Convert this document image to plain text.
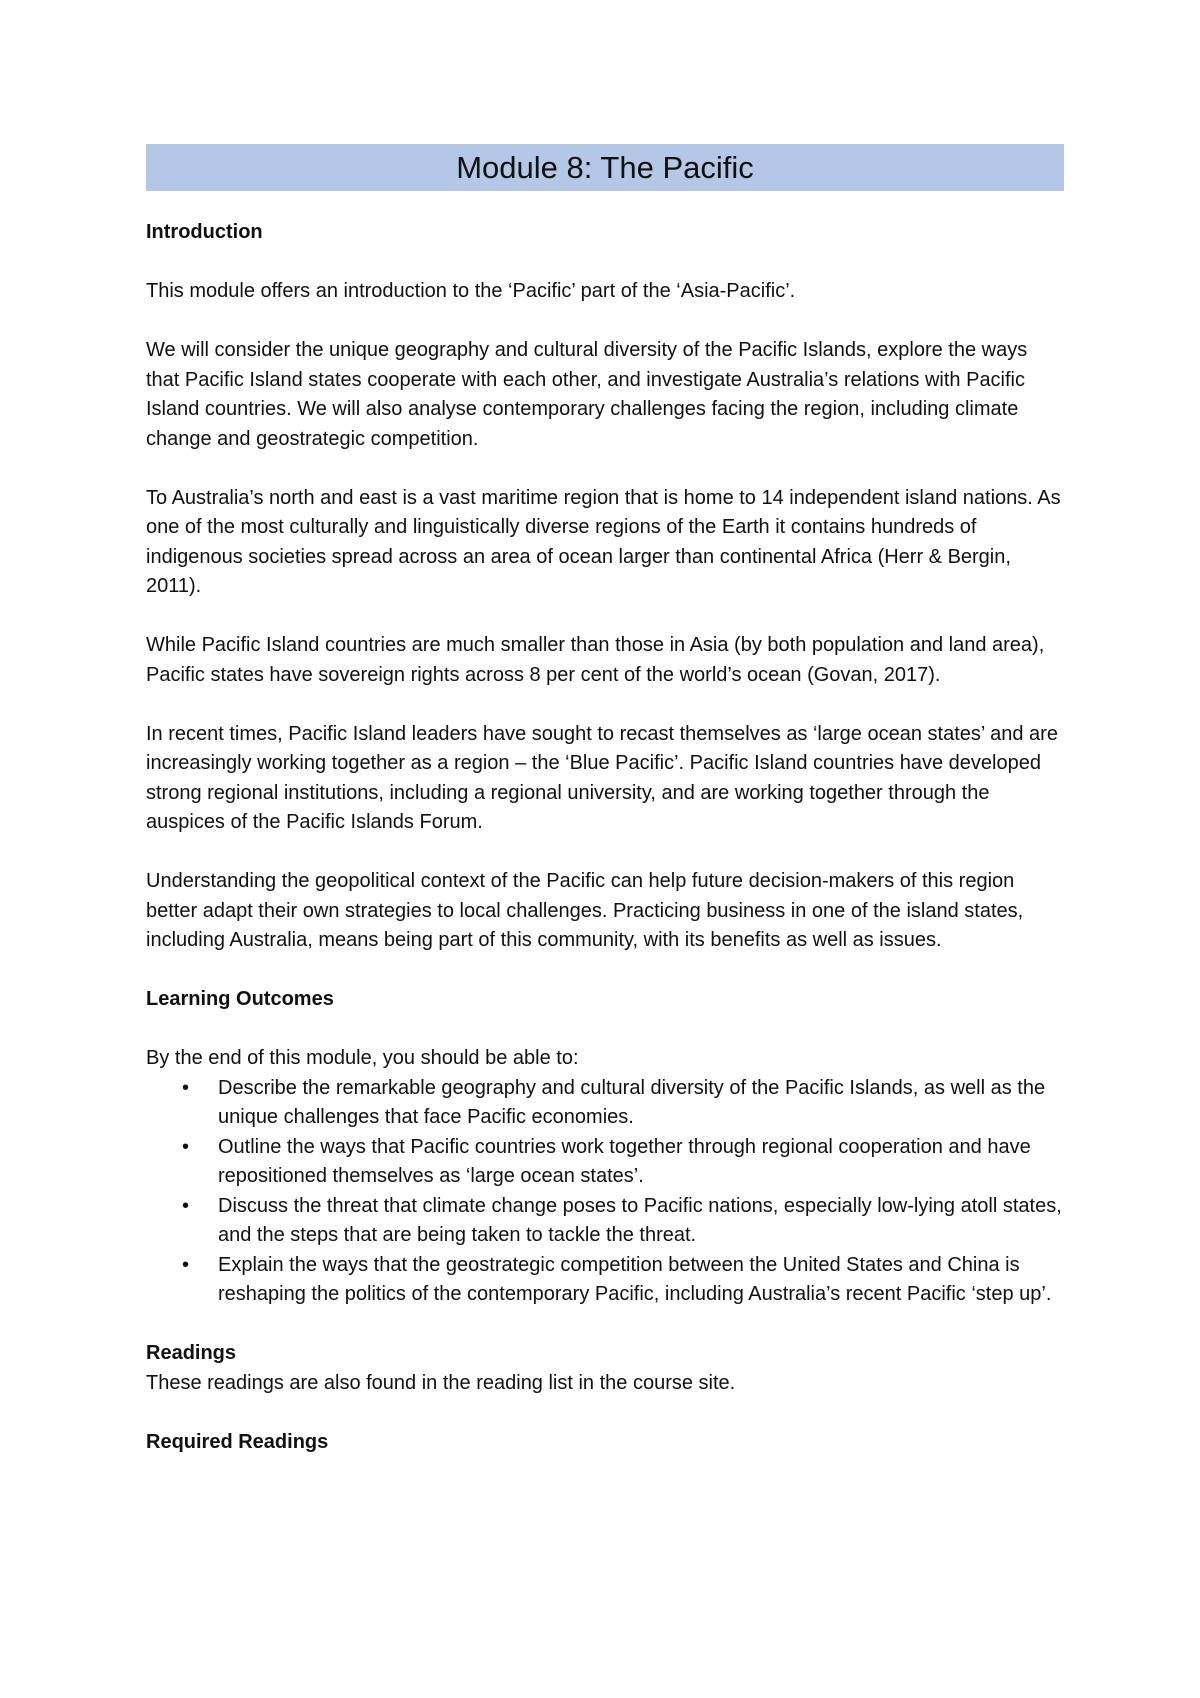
Module 8: The Pacific
Introduction

This module offers an introduction to the ‘Pacific’ part of the ‘Asia-Pacific’.

We will consider the unique geography and cultural diversity of the Pacific Islands, explore the ways that Pacific Island states cooperate with each other, and investigate Australia’s relations with Pacific Island countries. We will also analyse contemporary challenges facing the region, including climate change and geostrategic competition.

To Australia’s north and east is a vast maritime region that is home to 14 independent island nations. As one of the most culturally and linguistically diverse regions of the Earth it contains hundreds of indigenous societies spread across an area of ocean larger than continental Africa (Herr & Bergin, 2011).

While Pacific Island countries are much smaller than those in Asia (by both population and land area), Pacific states have sovereign rights across 8 per cent of the world’s ocean (Govan, 2017).

In recent times, Pacific Island leaders have sought to recast themselves as ‘large ocean states’ and are increasingly working together as a region – the ‘Blue Pacific’. Pacific Island countries have developed strong regional institutions, including a regional university, and are working together through the auspices of the Pacific Islands Forum.

Understanding the geopolitical context of the Pacific can help future decision-makers of this region better adapt their own strategies to local challenges. Practicing business in one of the island states, including Australia, means being part of this community, with its benefits as well as issues.

Learning Outcomes

By the end of this module, you should be able to:

• Describe the remarkable geography and cultural diversity of the Pacific Islands, as well as the unique challenges that face Pacific economies.
• Outline the ways that Pacific countries work together through regional cooperation and have repositioned themselves as ‘large ocean states’.
• Discuss the threat that climate change poses to Pacific nations, especially low-lying atoll states, and the steps that are being taken to tackle the threat.
• Explain the ways that the geostrategic competition between the United States and China is reshaping the politics of the contemporary Pacific, including Australia’s recent Pacific ‘step up’.
Readings

These readings are also found in the reading list in the course site.

Required Readings
